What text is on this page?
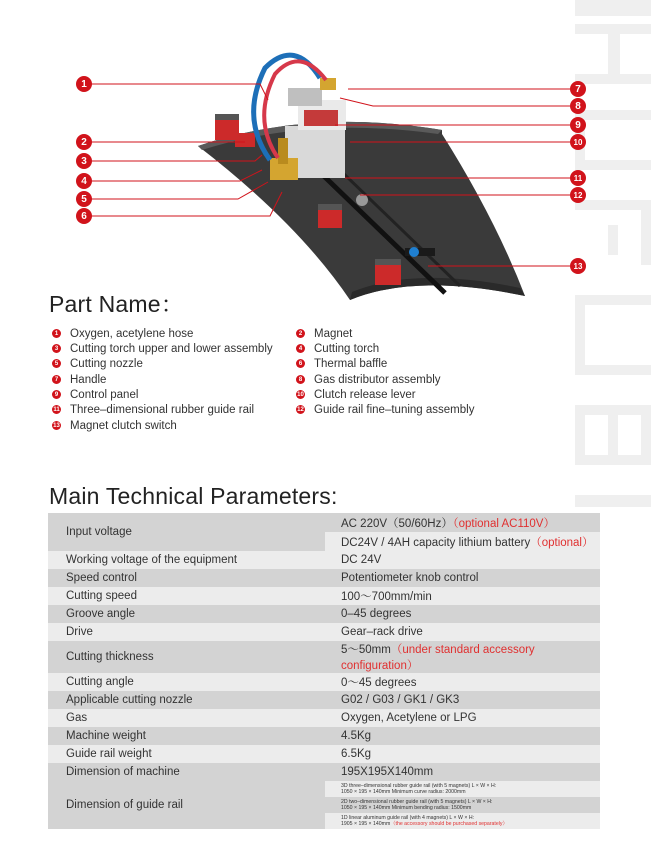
1
2
3
4
5
6
7
8
9
10
11
12
13
Part Name：
1 Oxygen, acetylene hose
3 Cutting torch upper and lower assembly
5 Cutting nozzle
7 Handle
9 Control panel
11 Three–dimensional rubber guide rail
13 Magnet clutch switch
2 Magnet
4 Cutting torch
6 Thermal baffle
8 Gas distributor assembly
10 Clutch release lever
12 Guide rail fine–tuning assembly
Main Technical Parameters:
Input voltage	AC 220V（50/60Hz）（optional AC110V）
	DC24V / 4AH capacity lithium battery（optional）
Working voltage of the equipment	DC 24V
Speed control	Potentiometer knob control
Cutting speed	100～700mm/min
Groove angle	0–45 degrees
Drive	Gear–rack drive
Cutting thickness	5～50mm（under standard accessory configuration）
Cutting angle	0～45 degrees
Applicable cutting nozzle	G02 / G03 / GK1 / GK3
Gas	Oxygen, Acetylene or LPG
Machine weight	4.5Kg
Guide rail weight	6.5Kg
Dimension of machine	195X195X140mm
Dimension of guide rail	3D three–dimensional rubber guide rail (with 5 magnets) L × W × H:
1050 × 195 × 140mm Minimum curve radius: 2000mm

	2D two–dimensional rubber guide rail (with 5 magnets) L × W × H:
1050 × 195 × 140mm Minimum bending radius: 1500mm

	1D linear aluminum guide rail (with 4 magnets) L × W × H:
1905 × 195 × 140mm（the accessory should be purchased separately）
